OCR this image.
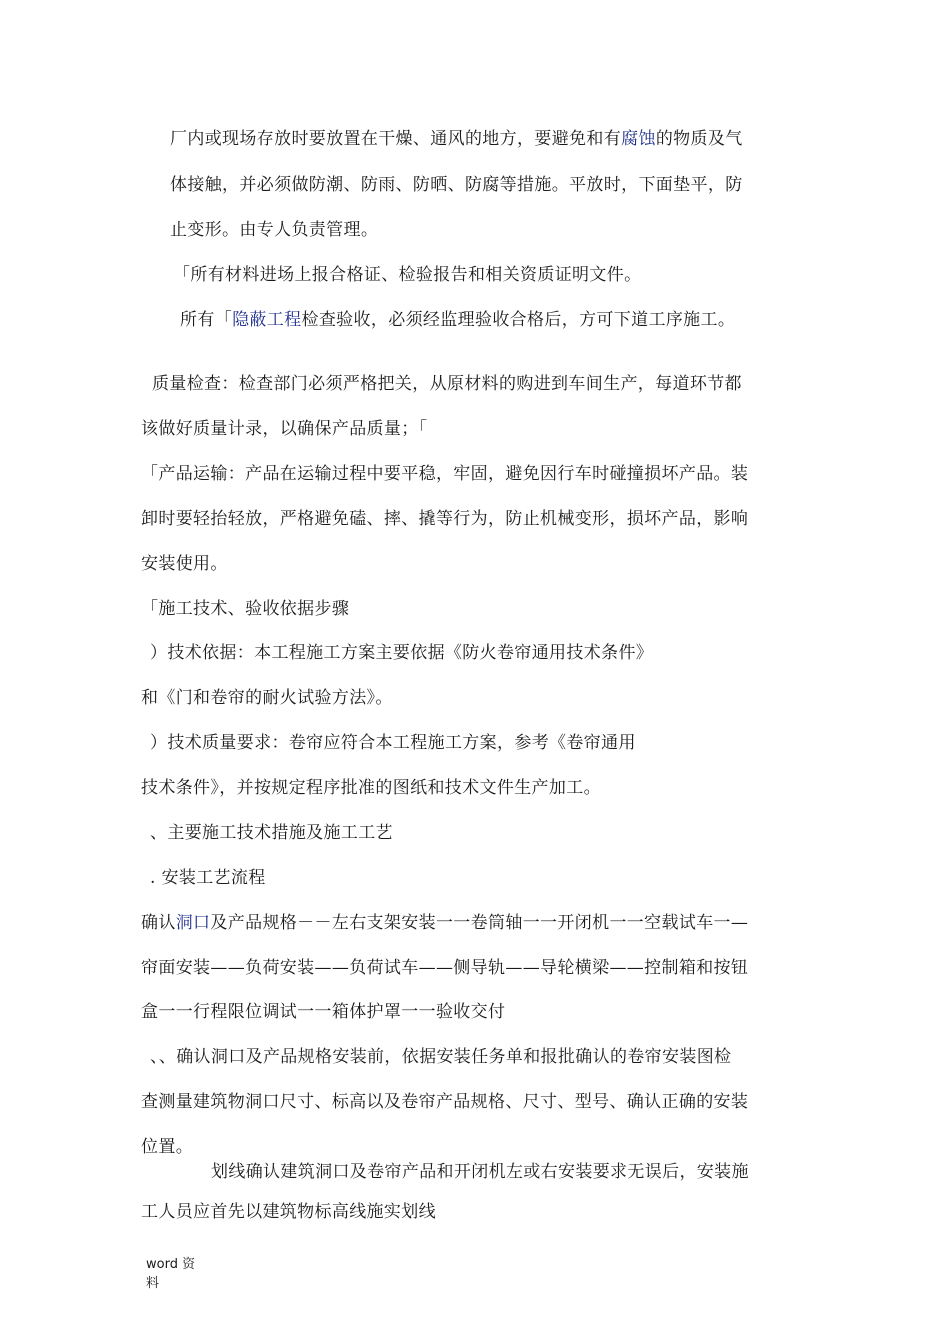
厂内或现场存放时要放置在干燥、通风的地方，要避免和有腐蚀的物质及气

体接触，并必须做防潮、防雨、防晒、防腐等措施。平放时，下面垫平，防

止变形。由专人负责管理。

「所有材料进场上报合格证、检验报告和相关资质证明文件。

所有「隐蔽工程检查验收，必须经监理验收合格后，方可下道工序施工。

质量检查：检查部门必须严格把关，从原材料的购进到车间生产，每道环节都

该做好质量计录，以确保产品质量；「

「产品运输：产品在运输过程中要平稳，牢固，避免因行车时碰撞损坏产品。装

卸时要轻抬轻放，严格避免磕、摔、撬等行为，防止机械变形，损坏产品，影响

安装使用。

「施工技术、验收依据步骤

）技术依据：本工程施工方案主要依据《防火卷帘通用技术条件》

和《门和卷帘的耐火试验方法》。

）技术质量要求：卷帘应符合本工程施工方案，参考《卷帘通用

技术条件》，并按规定程序批准的图纸和技术文件生产加工。

、主要施工技术措施及施工工艺

. 安装工艺流程

确认洞口及产品规格－－左右支架安装一一卷筒轴一一开闭机一一空载试车一—

帘面安装——负荷安装——负荷试车——侧导轨——导轮横梁——控制箱和按钮

盒一一行程限位调试一一箱体护罩一一验收交付

、、确认洞口及产品规格安装前，依据安装任务单和报批确认的卷帘安装图检

查测量建筑物洞口尺寸、标高以及卷帘产品规格、尺寸、型号、确认正确的安装

位置。

划线确认建筑洞口及卷帘产品和开闭机左或右安装要求无误后，安装施

工人员应首先以建筑物标高线施实划线

word 资
料
